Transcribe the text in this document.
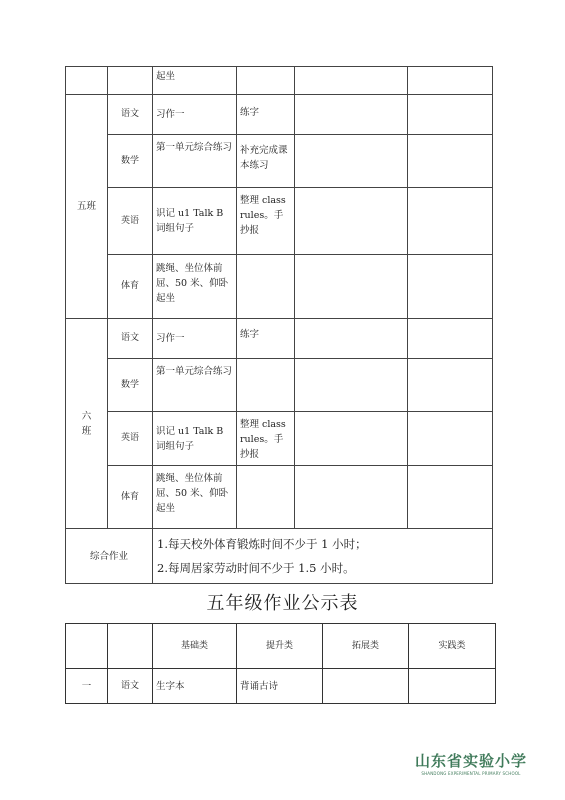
		起坐			
五班	语文	习作一	练字		
	数学	第一单元综合练习	补充完成课本练习		
	英语	识记 u1 Talk B 词组句子	整理 class rules。手抄报		
	体育	跳绳、坐位体前屈、50 米、仰卧起坐			
六
班	语文	习作一	练字		
	数学	第一单元综合练习			
	英语	识记 u1 Talk B 词组句子	整理 class rules。手抄报		
	体育	跳绳、坐位体前屈、50 米、仰卧起坐			
综合作业		1.每天校外体育锻炼时间不少于 1 小时；
2.每周居家劳动时间不少于 1.5 小时。			
五年级作业公示表
		基础类	提升类	拓展类	实践类
一	语文	生字本	背诵古诗		
山东省实验小学
SHANDONG EXPERIMENTAL PRIMARY SCHOOL
